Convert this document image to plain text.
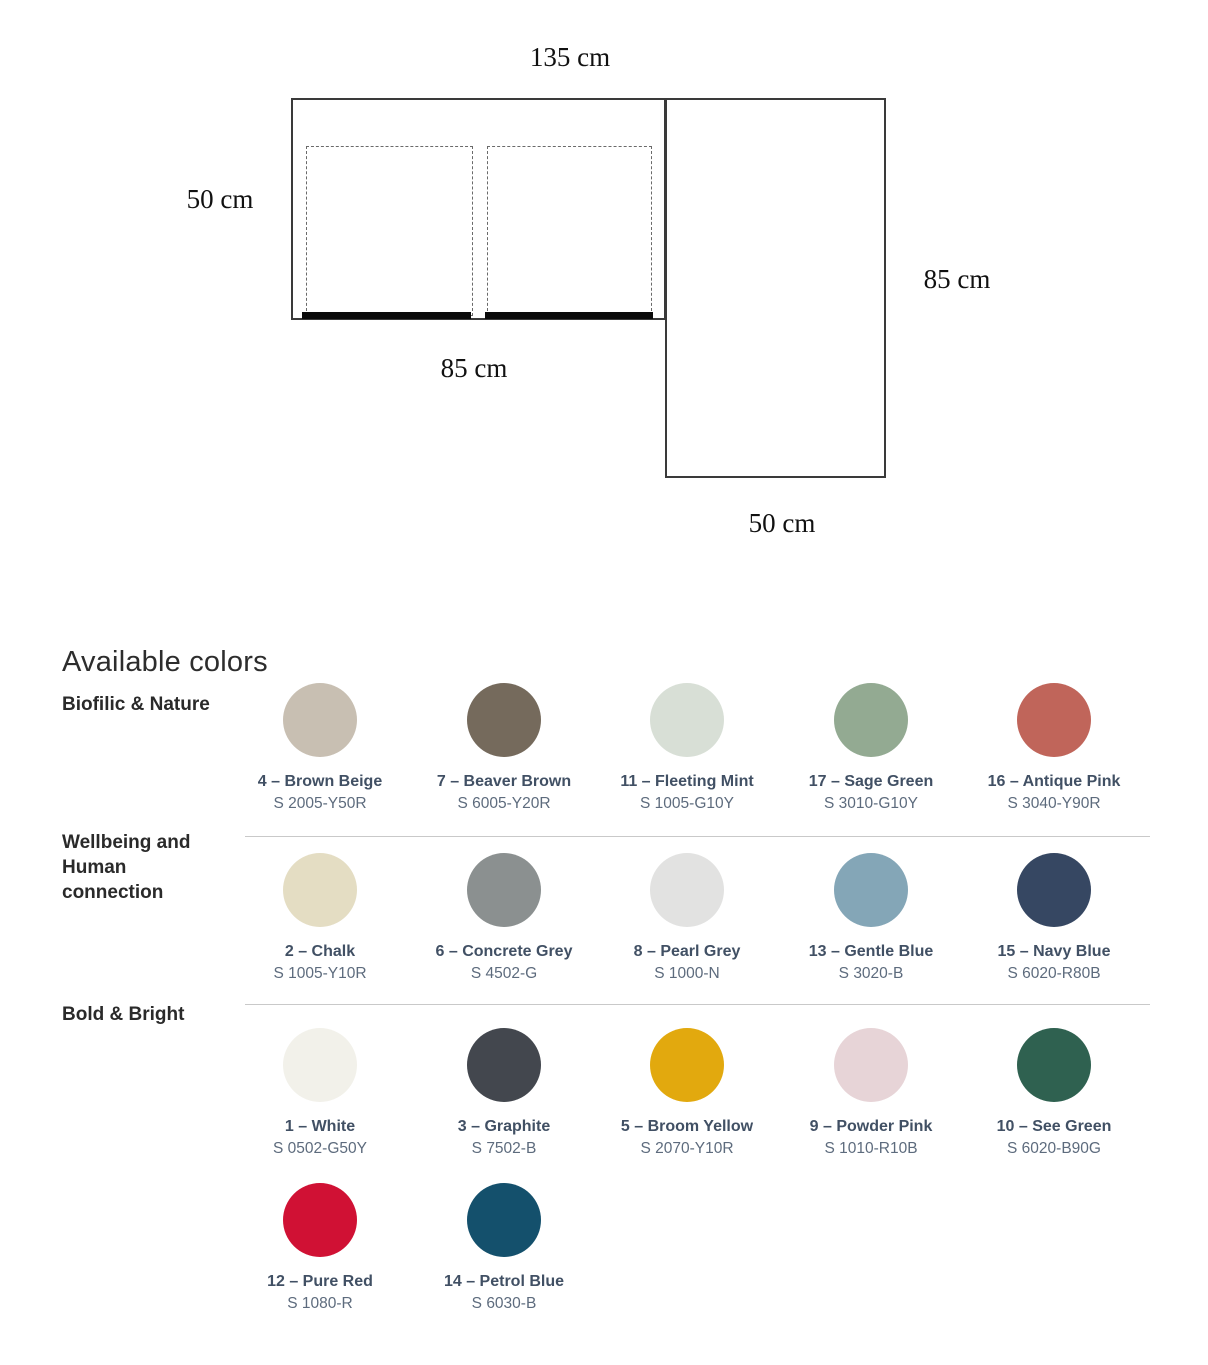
135 cm
50 cm
85 cm
85 cm
50 cm
Available colors
Biofilic & Nature
Wellbeing and Human connection
Bold & Bright
4 – Brown Beige
S 2005-Y50R
7 – Beaver Brown
S 6005-Y20R
11 – Fleeting Mint
S 1005-G10Y
17 – Sage Green
S 3010-G10Y
16 – Antique Pink
S 3040-Y90R
2 – Chalk
S 1005-Y10R
6 – Concrete Grey
S 4502-G
8 – Pearl Grey
S 1000-N
13 – Gentle Blue
S 3020-B
15 – Navy Blue
S 6020-R80B
1 – White
S 0502-G50Y
3 – Graphite
S 7502-B
5 – Broom Yellow
S 2070-Y10R
9 – Powder Pink
S 1010-R10B
10 – See Green
S 6020-B90G
12 – Pure Red
S 1080-R
14 – Petrol Blue
S 6030-B
